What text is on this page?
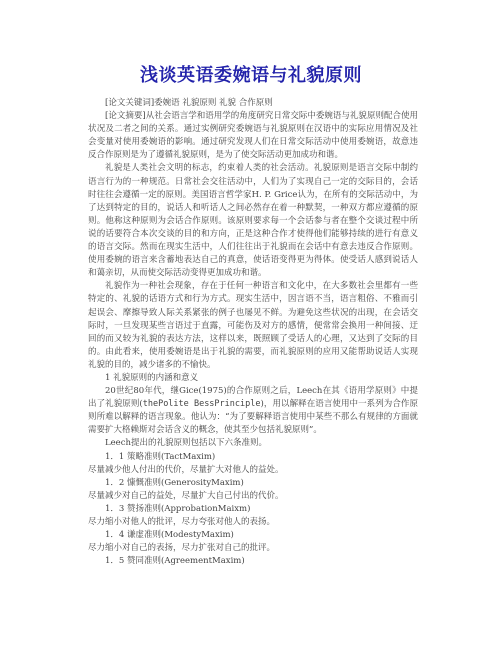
浅谈英语委婉语与礼貌原则

[论文关键词]委婉语 礼貌原则 礼貌 合作原则

[论文摘要]从社会语言学和语用学的角度研究日常交际中委婉语与礼貌原则配合使用状况及二者之间的关系。通过实例研究委婉语与礼貌原则在汉语中的实际应用情况及社会变量对使用委婉语的影响。通过研究发现人们在日常交际活动中使用委婉语，故意违反合作原则是为了遵循礼貌原则，是为了使交际活动更加成功和谐。

礼貌是人类社会文明的标志，约束着人类的社会活动。礼貌原则是语言交际中制约语言行为的一种规范。日常社会交往活动中，人们为了实现自己一定的交际目的，会话时往往会遵循一定的原则。美国语言哲学家H. P. Grice认为，在所有的交际活动中，为了达到特定的目的，说话人和听话人之间必然存在着一种默契，一种双方都应遵循的原则。他称这种原则为会话合作原则。该原则要求每一个会话参与者在整个交谈过程中所说的话要符合本次交谈的目的和方向，正是这种合作才使得他们能够持续的进行有意义的语言交际。然而在现实生活中，人们往往出于礼貌而在会话中有意去违反合作原则。使用委婉的语言来含蓄地表达自己的真意，使话语变得更为得体。使受话人感到说话人和蔼亲切，从而使交际活动变得更加成功和谐。

礼貌作为一种社会现象，存在于任何一种语言和文化中，在大多数社会里都有一些特定的、礼貌的话语方式和行为方式。现实生活中，因言语不当，语言粗俗、不雅而引起误会、摩擦导致人际关系紧张的例子也屡见不鲜。为避免这些状况的出现，在会话交际时，一旦发现某些言语过于直露，可能伤及对方的感情，便常常会换用一种间接、迂回的而又较为礼貌的表达方法，这样以来，既照顾了受话人的心理，又达到了交际的目的。由此看来，使用委婉语是出于礼貌的需要，而礼貌原则的应用又能帮助说话人实现礼貌的目的，减少诸多的不愉快。

1 礼貌原则的内涵和意义

20世纪80年代，继Gice(1975)的合作原则之后，Leech在其《语用学原则》中提出了礼貌原则(thePolite BessPrinciple)，用以解释在语言使用中一系列为合作原则所难以解释的语言现象。他认为：“为了要解释语言使用中某些不那么有规律的方面就需要扩大格赖斯对会话含义的概念，使其至少包括礼貌原则”。

Leech提出的礼貌原则包括以下六条准则。

1．1 策略准则(TactMaxim)

尽量减少他人付出的代价，尽量扩大对他人的益处。

1．2 慷慨准则(GenerosityMaxim)

尽量减少对自己的益处，尽量扩大自己付出的代价。

1．3 赞扬准则(ApprobationMaixm)

尽力缩小对他人的批评，尽力夸张对他人的表扬。

1．4 谦虚准则(ModestyMaxim)

尽力缩小对自己的表扬，尽力扩张对自己的批评。

1．5 赞同准则(AgreementMaxim)
